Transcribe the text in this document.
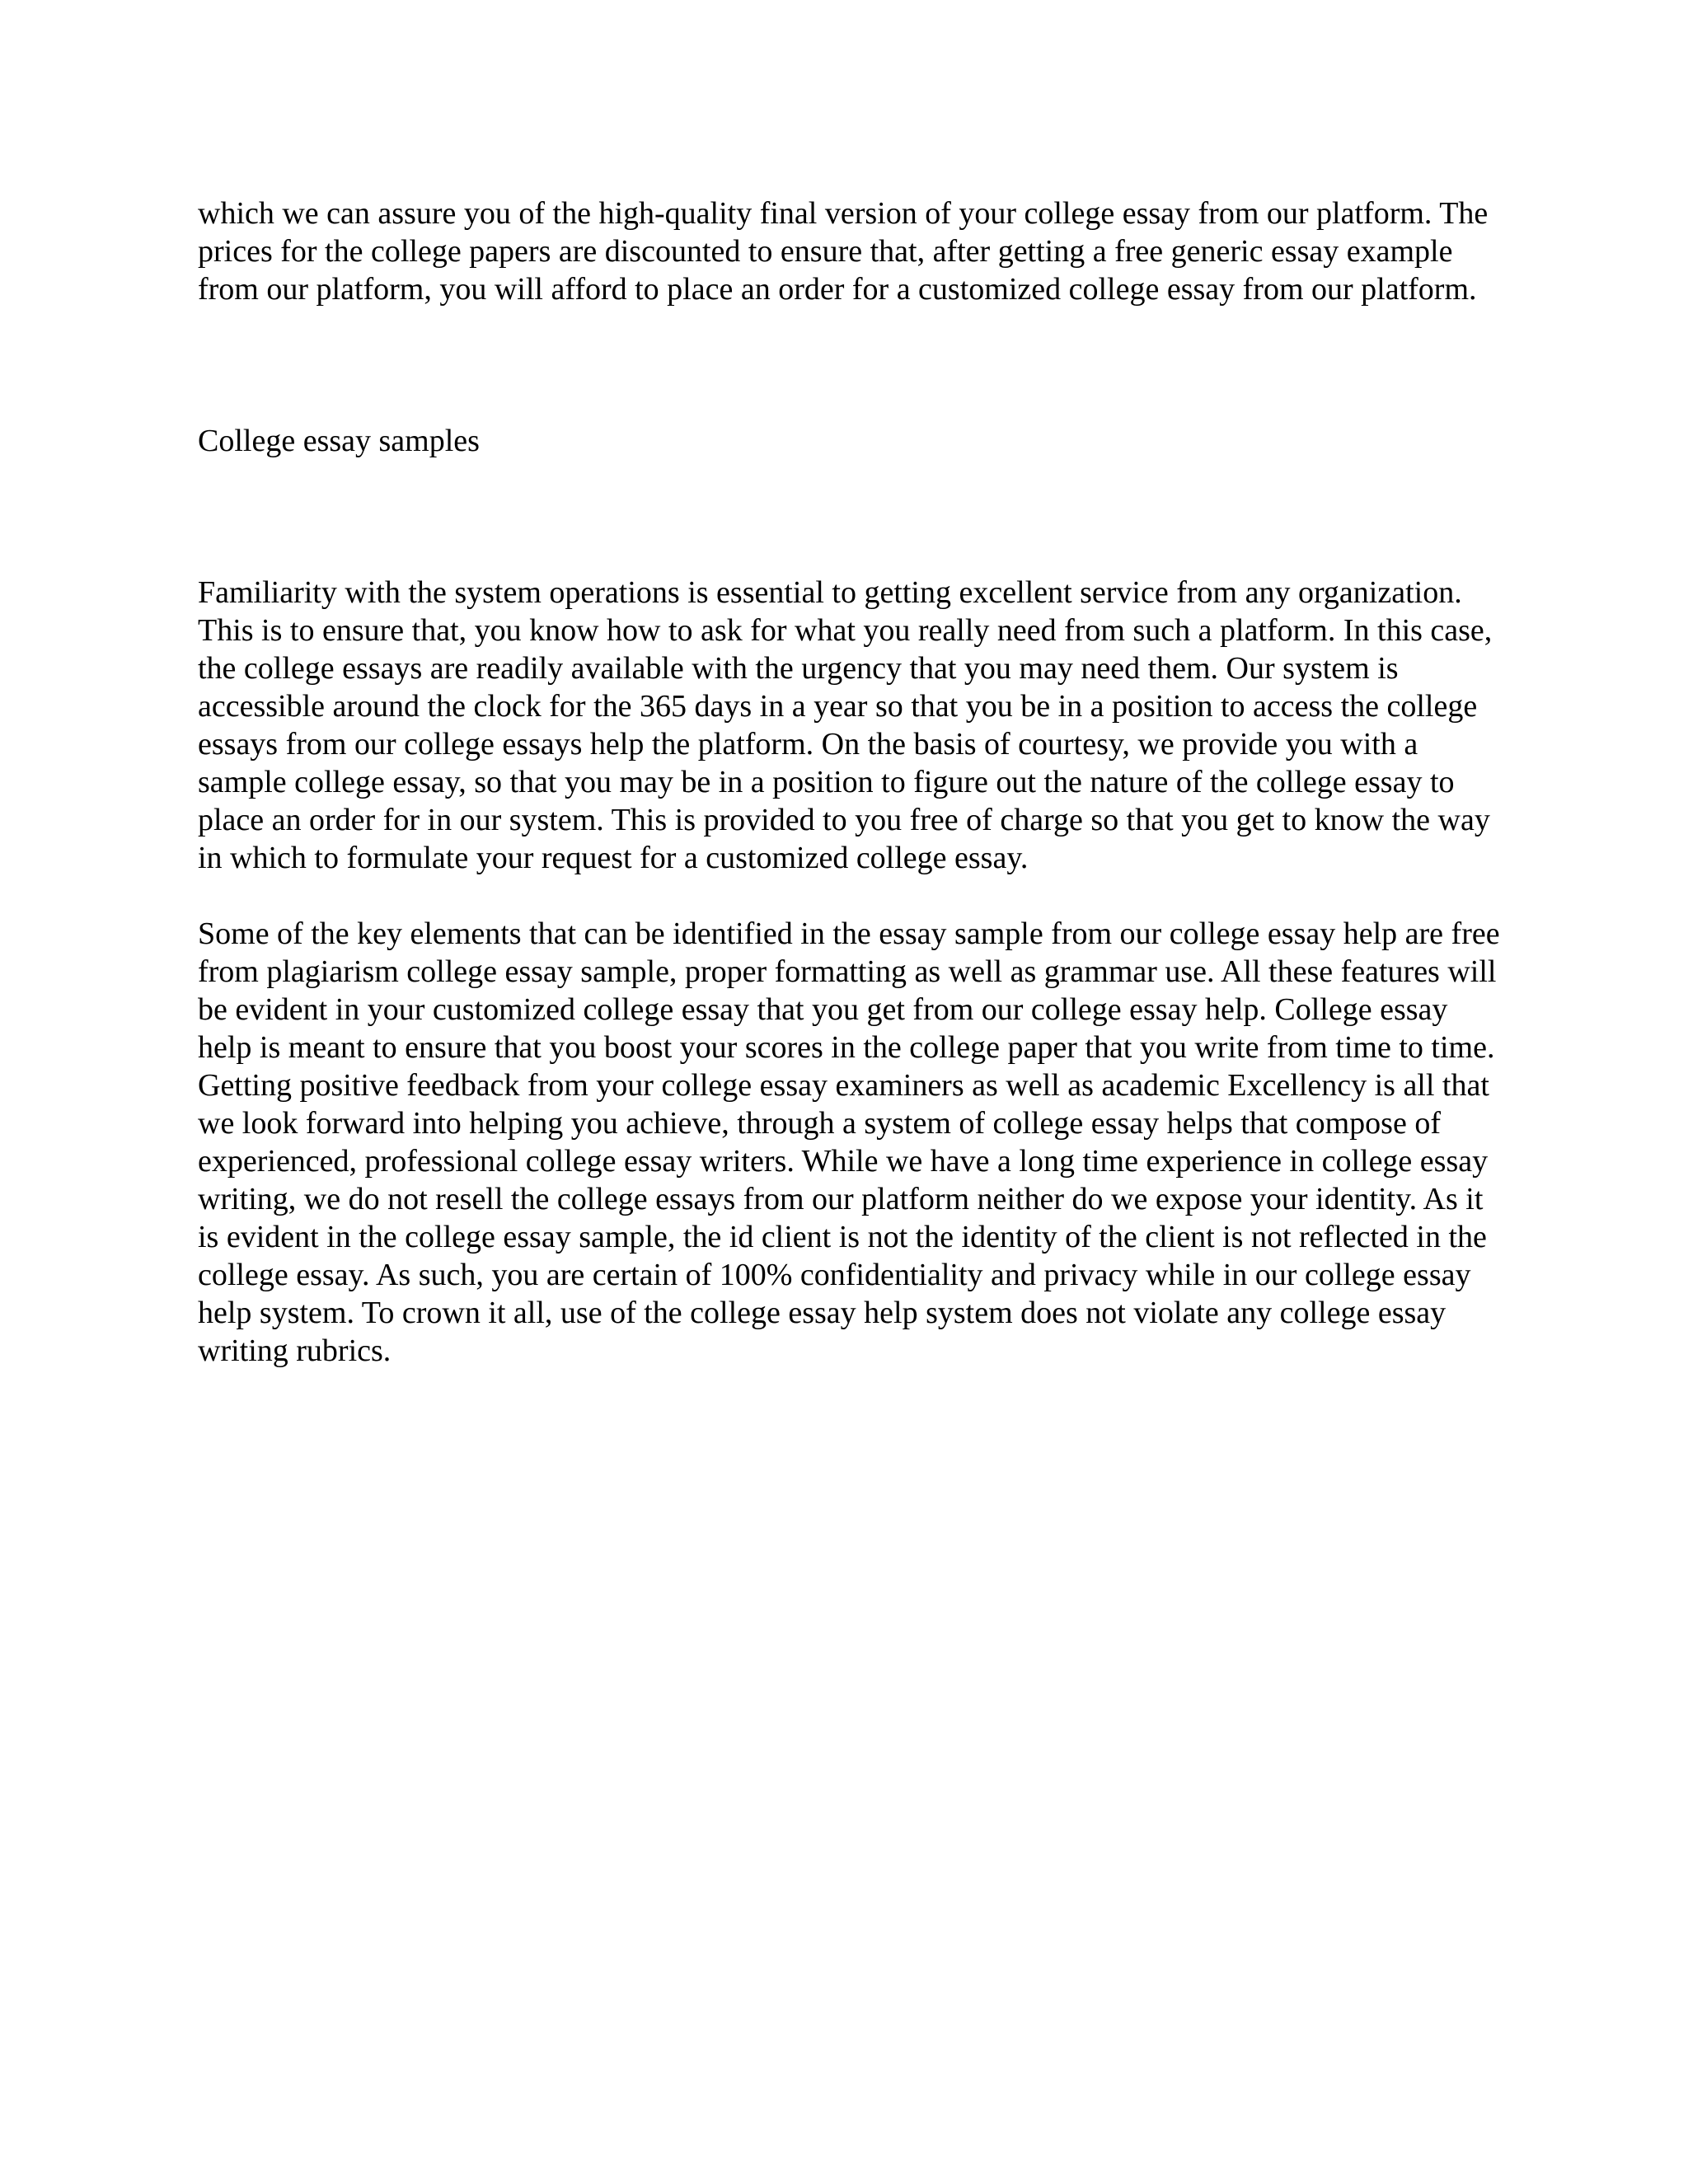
which we can assure you of the high-quality final version of your college essay from our platform. The prices for the college papers are discounted to ensure that, after getting a free generic essay example from our platform, you will afford to place an order for a customized college essay from our platform.

College essay samples

Familiarity with the system operations is essential to getting excellent service from any organization. This is to ensure that, you know how to ask for what you really need from such a platform. In this case, the college essays are readily available with the urgency that you may need them. Our system is accessible around the clock for the 365 days in a year so that you be in a position to access the college essays from our college essays help the platform. On the basis of courtesy, we provide you with a sample college essay, so that you may be in a position to figure out the nature of the college essay to place an order for in our system. This is provided to you free of charge so that you get to know the way in which to formulate your request for a customized college essay.

Some of the key elements that can be identified in the essay sample from our college essay help are free from plagiarism college essay sample, proper formatting as well as grammar use. All these features will be evident in your customized college essay that you get from our college essay help. College essay help is meant to ensure that you boost your scores in the college paper that you write from time to time. Getting positive feedback from your college essay examiners as well as academic Excellency is all that we look forward into helping you achieve, through a system of college essay helps that compose of experienced, professional college essay writers. While we have a long time experience in college essay writing, we do not resell the college essays from our platform neither do we expose your identity. As it is evident in the college essay sample, the id client is not the identity of the client is not reflected in the college essay. As such, you are certain of 100% confidentiality and privacy while in our college essay help system. To crown it all, use of the college essay help system does not violate any college essay writing rubrics.
